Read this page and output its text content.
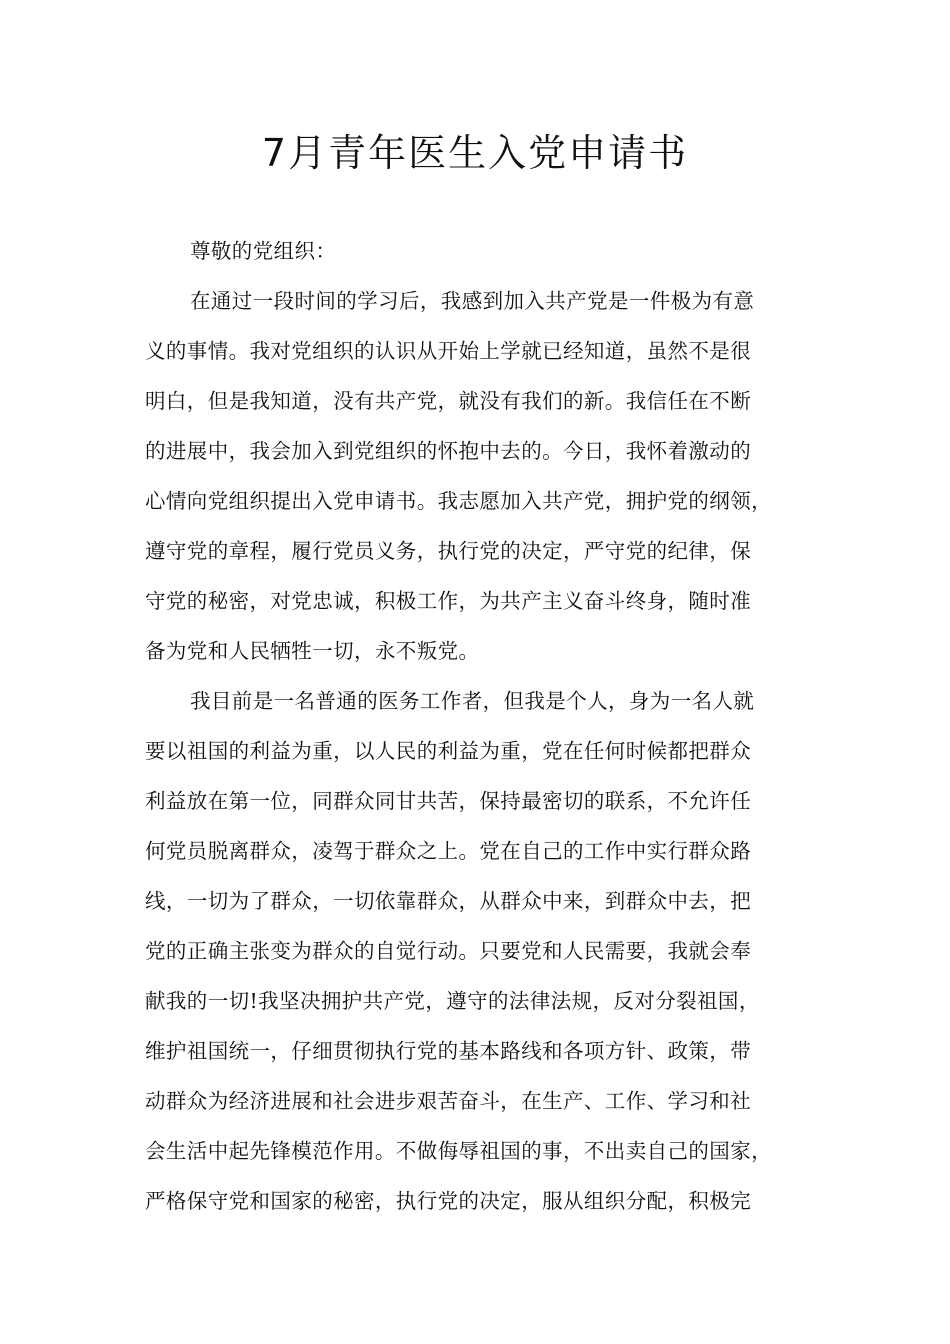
7月青年医生入党申请书
尊敬的党组织：
在通过一段时间的学习后，我感到加入共产党是一件极为有意
义的事情。我对党组织的认识从开始上学就已经知道，虽然不是很
明白，但是我知道，没有共产党，就没有我们的新。我信任在不断
的进展中，我会加入到党组织的怀抱中去的。今日，我怀着激动的
心情向党组织提出入党申请书。我志愿加入共产党，拥护党的纲领，
遵守党的章程，履行党员义务，执行党的决定，严守党的纪律，保
守党的秘密，对党忠诚，积极工作，为共产主义奋斗终身，随时准
备为党和人民牺牲一切，永不叛党。
我目前是一名普通的医务工作者，但我是个人，身为一名人就
要以祖国的利益为重，以人民的利益为重，党在任何时候都把群众
利益放在第一位，同群众同甘共苦，保持最密切的联系，不允许任
何党员脱离群众，凌驾于群众之上。党在自己的工作中实行群众路
线，一切为了群众，一切依靠群众，从群众中来，到群众中去，把
党的正确主张变为群众的自觉行动。只要党和人民需要，我就会奉
献我的一切!我坚决拥护共产党，遵守的法律法规，反对分裂祖国，
维护祖国统一，仔细贯彻执行党的基本路线和各项方针、政策，带
动群众为经济进展和社会进步艰苦奋斗，在生产、工作、学习和社
会生活中起先锋模范作用。不做侮辱祖国的事，不出卖自己的国家，
严格保守党和国家的秘密，执行党的决定，服从组织分配，积极完
